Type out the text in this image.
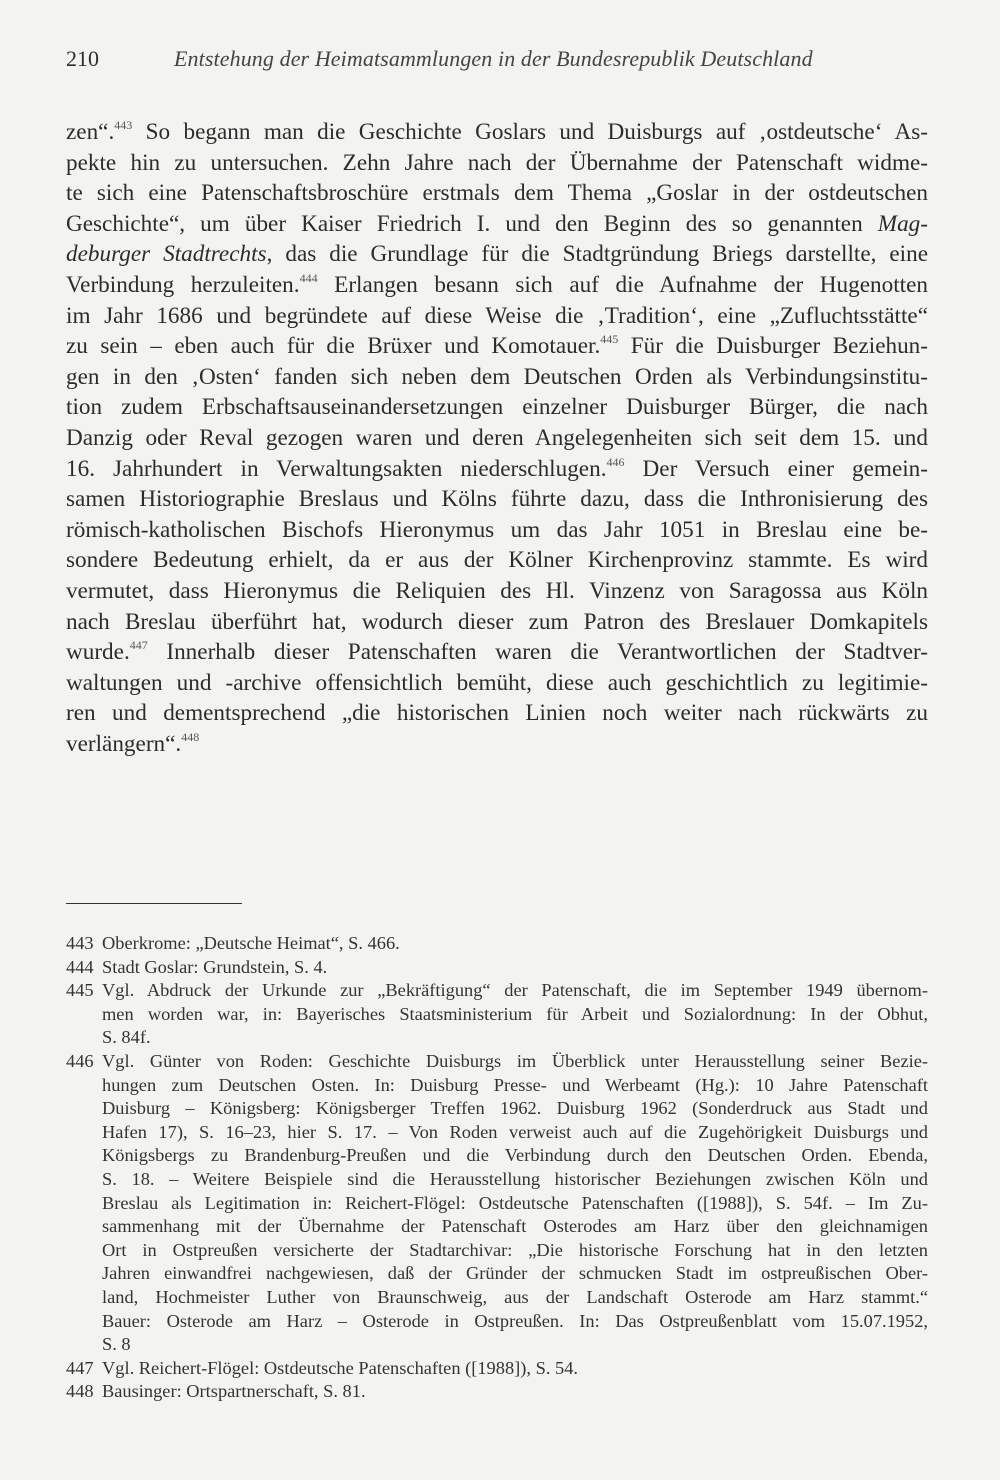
210	Entstehung der Heimatsammlungen in der Bundesrepublik Deutschland
zen“.$^{443}$ So begann man die Geschichte Goslars und Duisburgs auf ‚ostdeutsche‘ As-
pekte hin zu untersuchen. Zehn Jahre nach der Übernahme der Patenschaft widme-
te sich eine Patenschaftsbroschüre erstmals dem Thema „Goslar in der ostdeutschen
Geschichte“, um über Kaiser Friedrich I. und den Beginn des so genannten Mag-
deburger Stadtrechts, das die Grundlage für die Stadtgründung Briegs darstellte, eine
Verbindung herzuleiten.$^{444}$ Erlangen besann sich auf die Aufnahme der Hugenotten
im Jahr 1686 und begründete auf diese Weise die ‚Tradition‘, eine „Zufluchtsstätte“
zu sein – eben auch für die Brüxer und Komotauer.$^{445}$ Für die Duisburger Beziehun-
gen in den ‚Osten‘ fanden sich neben dem Deutschen Orden als Verbindungsinstitu-
tion zudem Erbschaftsauseinandersetzungen einzelner Duisburger Bürger, die nach
Danzig oder Reval gezogen waren und deren Angelegenheiten sich seit dem 15. und
16. Jahrhundert in Verwaltungsakten niederschlugen.$^{446}$ Der Versuch einer gemein-
samen Historiographie Breslaus und Kölns führte dazu, dass die Inthronisierung des
römisch-katholischen Bischofs Hieronymus um das Jahr 1051 in Breslau eine be-
sondere Bedeutung erhielt, da er aus der Kölner Kirchenprovinz stammte. Es wird
vermutet, dass Hieronymus die Reliquien des Hl. Vinzenz von Saragossa aus Köln
nach Breslau überführt hat, wodurch dieser zum Patron des Breslauer Domkapitels
wurde.$^{447}$ Innerhalb dieser Patenschaften waren die Verantwortlichen der Stadtver-
waltungen und -archive offensichtlich bemüht, diese auch geschichtlich zu legitimie-
ren und dementsprechend „die historischen Linien noch weiter nach rückwärts zu
verlängern“.$^{448}$
443 Oberkrome: „Deutsche Heimat“, S. 466.
444 Stadt Goslar: Grundstein, S. 4.
445 Vgl. Abdruck der Urkunde zur „Bekräftigung“ der Patenschaft, die im September 1949 übernom-
men worden war, in: Bayerisches Staatsministerium für Arbeit und Sozialordnung: In der Obhut,
S. 84f.
446 Vgl. Günter von Roden: Geschichte Duisburgs im Überblick unter Herausstellung seiner Bezie-
hungen zum Deutschen Osten. In: Duisburg Presse- und Werbeamt (Hg.): 10 Jahre Patenschaft
Duisburg – Königsberg: Königsberger Treffen 1962. Duisburg 1962 (Sonderdruck aus Stadt und
Hafen 17), S. 16–23, hier S. 17. – Von Roden verweist auch auf die Zugehörigkeit Duisburgs und
Königsbergs zu Brandenburg-Preußen und die Verbindung durch den Deutschen Orden. Ebenda,
S. 18. – Weitere Beispiele sind die Herausstellung historischer Beziehungen zwischen Köln und
Breslau als Legitimation in: Reichert-Flögel: Ostdeutsche Patenschaften ([1988]), S. 54f. – Im Zu-
sammenhang mit der Übernahme der Patenschaft Osterodes am Harz über den gleichnamigen
Ort in Ostpreußen versicherte der Stadtarchivar: „Die historische Forschung hat in den letzten
Jahren einwandfrei nachgewiesen, daß der Gründer der schmucken Stadt im ostpreußischen Ober-
land, Hochmeister Luther von Braunschweig, aus der Landschaft Osterode am Harz stammt.“
Bauer: Osterode am Harz – Osterode in Ostpreußen. In: Das Ostpreußenblatt vom 15.07.1952,
S. 8
447 Vgl. Reichert-Flögel: Ostdeutsche Patenschaften ([1988]), S. 54.
448 Bausinger: Ortspartnerschaft, S. 81.
